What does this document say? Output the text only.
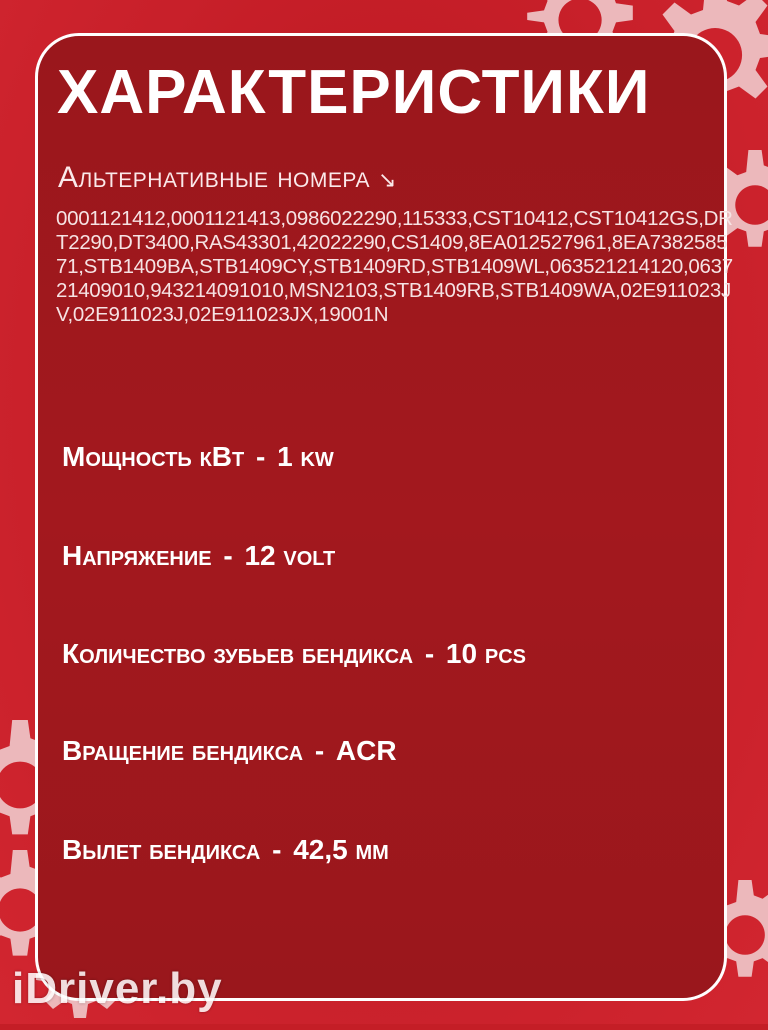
ХАРАКТЕРИСТИКИ
Альтернативные номера ↘
0001121412,0001121413,0986022290,115333,CST10412,CST10412GS,DRT2290,DT3400,RAS43301,42022290,CS1409,8EA012527961,8EA738258571,STB1409BA,STB1409CY,STB1409RD,STB1409WL,063521214120,063721409010,943214091010,MSN2103,STB1409RB,STB1409WA,02E911023JV,02E911023J,02E911023JX,19001N
Мощность кВт - 1 kw
Напряжение - 12 volt
Количество зубьев бендикса - 10 pcs
Вращение бендикса - ACR
Вылет бендикса - 42,5 мм
iDriver.by
